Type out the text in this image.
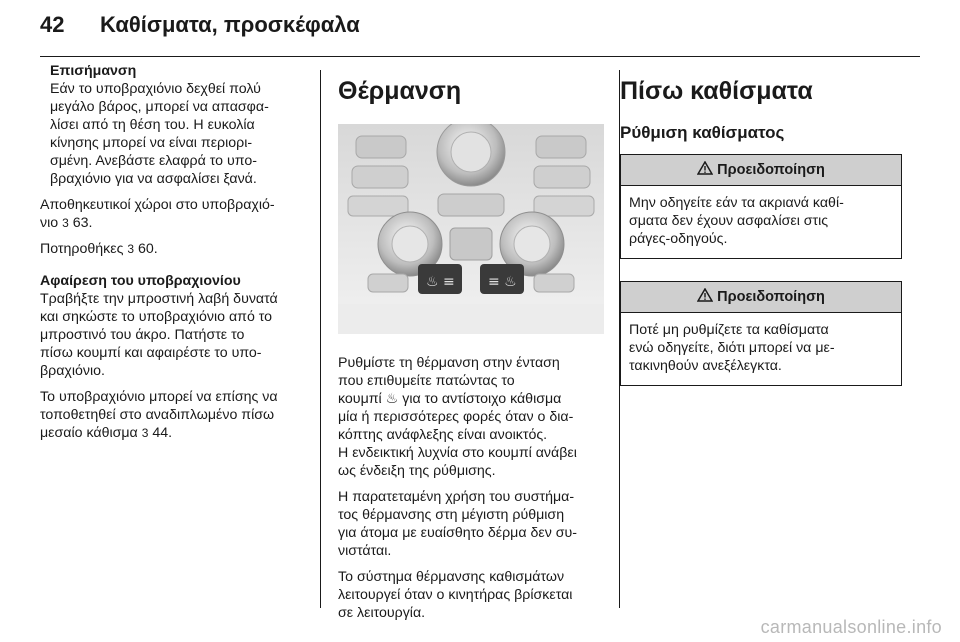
42	Καθίσματα, προσκέφαλα
Επισήμανση
Εάν το υποβραχιόνιο δεχθεί πολύ
μεγάλο βάρος, μπορεί να απασφα-
λίσει από τη θέση του. Η ευκολία
κίνησης μπορεί να είναι περιορι-
σμένη. Ανεβάστε ελαφρά το υπο-
βραχιόνιο για να ασφαλίσει ξανά.

Αποθηκευτικοί χώροι στο υποβραχιό-
νιο 3 63.

Ποτηροθήκες 3 60.

Αφαίρεση του υποβραχιονίου
Τραβήξτε την μπροστινή λαβή δυνατά
και σηκώστε το υποβραχιόνιο από το
μπροστινό του άκρο. Πατήστε το
πίσω κουμπί και αφαιρέστε το υπο-
βραχιόνιο.

Το υποβραχιόνιο μπορεί να επίσης να
τοποθετηθεί στο αναδιπλωμένο πίσω
μεσαίο κάθισμα 3 44.

Θέρμανση
♨ ≡ ≡ ♨

Ρυθμίστε τη θέρμανση στην ένταση
που επιθυμείτε πατώντας το
κουμπί ♨ για το αντίστοιχο κάθισμα
μία ή περισσότερες φορές όταν ο δια-
κόπτης ανάφλεξης είναι ανοικτός.
Η ενδεικτική λυχνία στο κουμπί ανάβει
ως ένδειξη της ρύθμισης.

Η παρατεταμένη χρήση του συστήμα-
τος θέρμανσης στη μέγιστη ρύθμιση
για άτομα με ευαίσθητο δέρμα δεν συ-
νιστάται.

Το σύστημα θέρμανσης καθισμάτων
λειτουργεί όταν ο κινητήρας βρίσκεται
σε λειτουργία.

Πίσω καθίσματα
Ρύθμιση καθίσματος
Προειδοποίηση
Μην οδηγείτε εάν τα ακριανά καθί-
σματα δεν έχουν ασφαλίσει στις
ράγες-οδηγούς.
Προειδοποίηση
Ποτέ μη ρυθμίζετε τα καθίσματα
ενώ οδηγείτε, διότι μπορεί να με-
τακινηθούν ανεξέλεγκτα.
carmanualsonline.info
